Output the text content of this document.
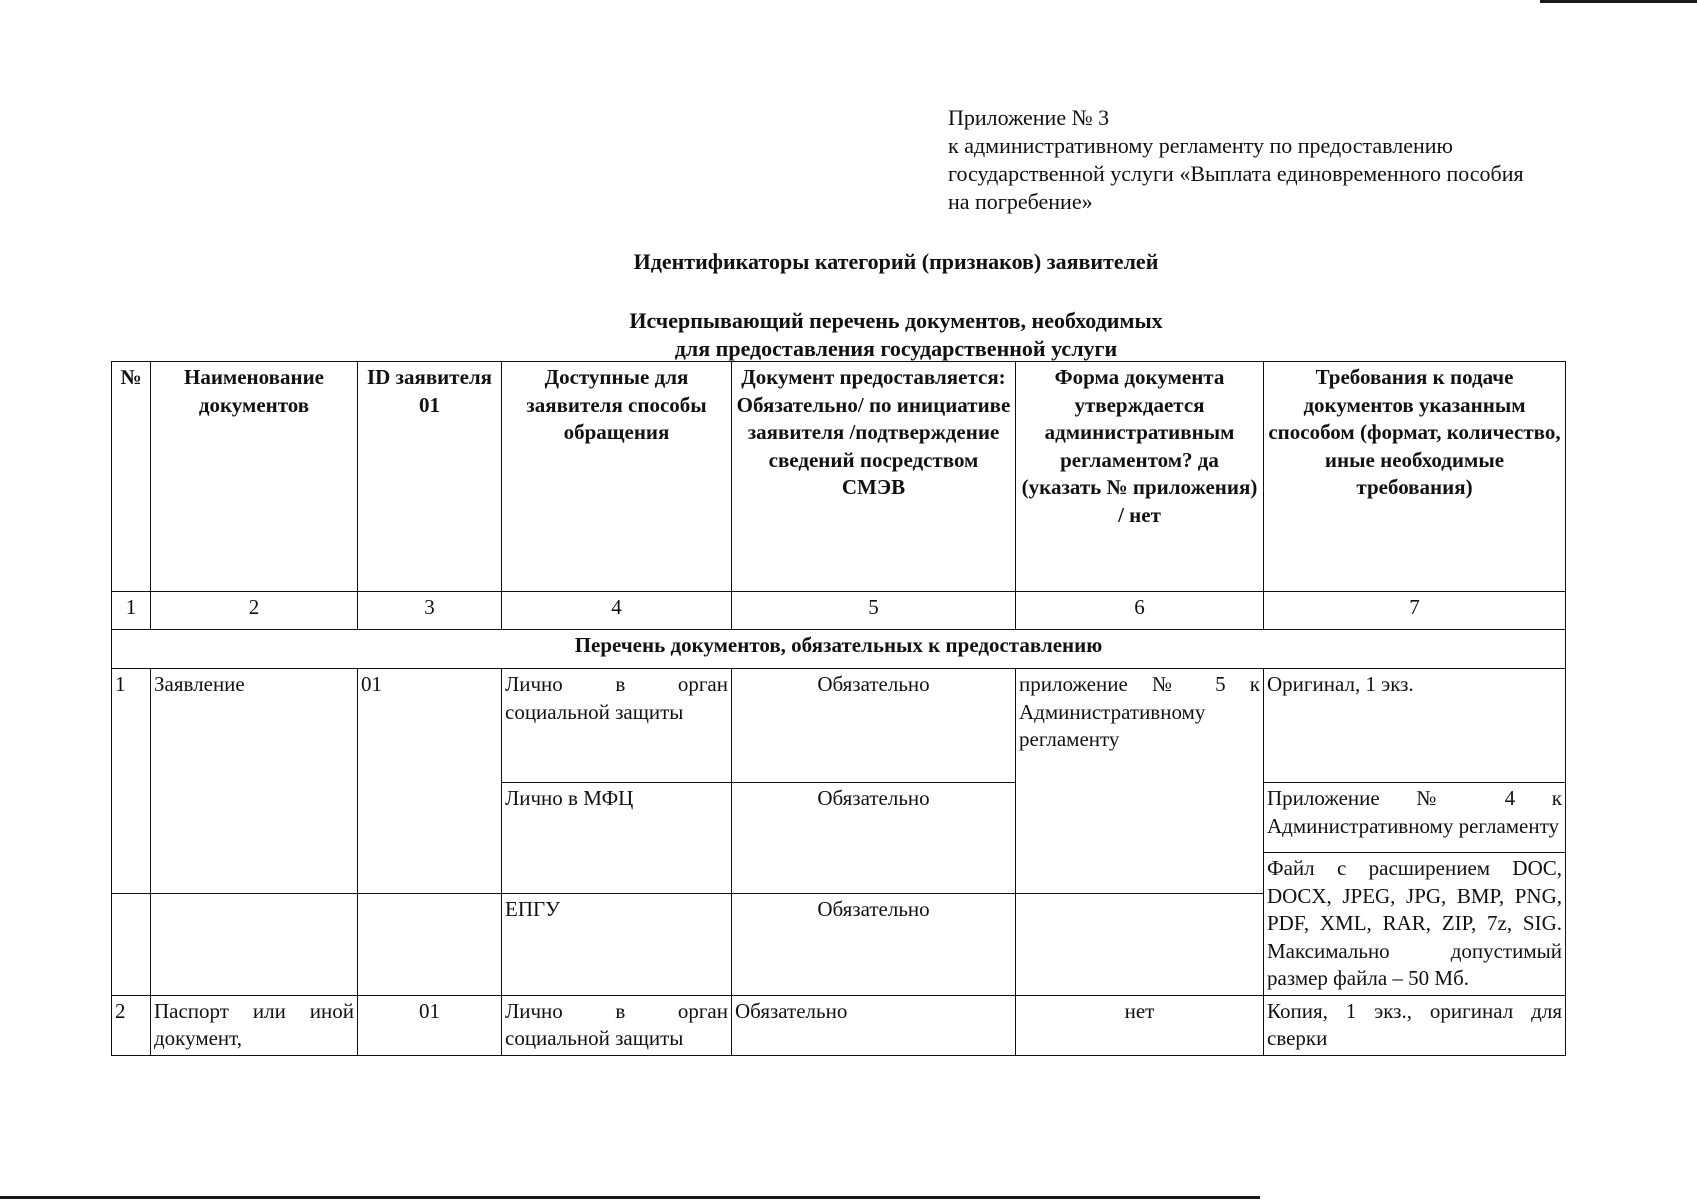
Приложение № 3
к административному регламенту по предоставлению
государственной услуги «Выплата единовременного пособия
на погребение»
Идентификаторы категорий (признаков) заявителей
Исчерпывающий перечень документов, необходимых
для предоставления государственной услуги
№	Наименование документов	ID заявителя 01	Доступные для заявителя способы обращения	Документ предоставляется: Обязательно/ по инициативе заявителя /подтверждение сведений посредством СМЭВ	Форма документа утверждается административным регламентом? да (указать № приложения) / нет	Требования к подаче документов указанным способом (формат, количество, иные необходимые требования)
1	2	3	4	5	6	7
Перечень документов, обязательных к предоставлению						
1	Заявление	01	Лично в орган социальной защиты	Обязательно	приложение № 5 к Административному регламенту	Оригинал, 1 экз.
			Лично в МФЦ	Обязательно		Приложение № 4 к Административному регламенту
						Файл с расширением DOC, DOCX, JPEG, JPG, BMP, PNG, PDF, XML, RAR, ZIP, 7z, SIG. Максимально допустимый размер файла – 50 Мб.
			ЕПГУ	Обязательно		
2	Паспорт или иной документ,	01	Лично в орган социальной защиты	Обязательно	нет	Копия, 1 экз., оригинал для сверки
